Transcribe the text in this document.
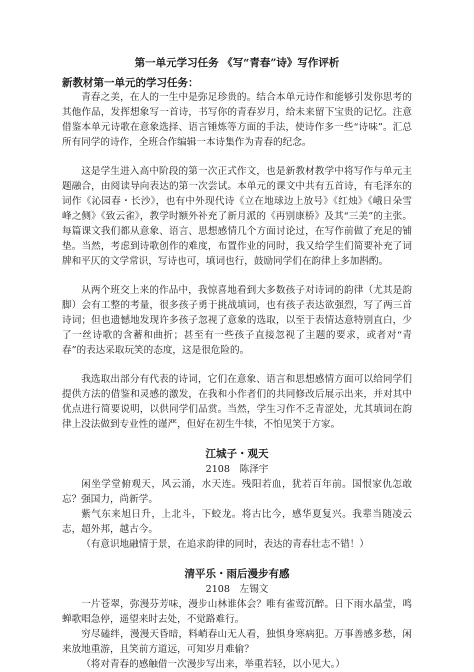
第一单元学习任务 《写“青春”诗》写作评析
新教材第一单元的学习任务：

青春之美，在人的一生中是弥足珍贵的。结合本单元诗作和能够引发你思考的其他作品，发挥想象写一首诗，书写你的青春岁月，给未来留下宝贵的记忆。注意借鉴本单元诗歌在意象选择、语言锤炼等方面的手法，使诗作多一些“诗味”。汇总所有同学的诗作，全班合作编辑一本诗集作为青春的纪念。

这是学生进入高中阶段的第一次正式作文，也是新教材教学中将写作与单元主题融合，由阅读导向表达的第一次尝试。本单元的课文中共有五首诗，有毛泽东的词作《沁园春・长沙》，也有中外现代诗《立在地球边上放号》《红烛》《峨日朵雪峰之侧》《致云雀》，教学时额外补充了新月派的《再别康桥》及其“三美”的主张。每篇课文我们都从意象、语言、思想感情几个方面讨论过，在写作前做了充足的铺垫。当然，考虑到诗歌创作的难度，布置作业的同时，我又给学生们简要补充了词牌和平仄的文学常识，写诗也可，填词也行，鼓励同学们在韵律上多加斟酌。

从两个班交上来的作品中，我惊喜地看到大多数孩子对诗词的韵律（尤其是韵脚）会有工整的考量，很多孩子勇于挑战填词，也有孩子表达欲强烈，写了两三首诗词；但也遗憾地发现许多孩子忽视了意象的选取，以至于表情达意特别直白，少了一丝诗歌的含蓄和曲折；甚至有一些孩子直接忽视了主题的要求，或者对“青春”的表达采取玩笑的态度，这是很危险的。

我选取出部分有代表的诗词，它们在意象、语言和思想感情方面可以给同学们提供方法的借鉴和灵感的激发，在我和小作者们的共同修改后展示出来，并对其中优点进行简要说明，以供同学们品赏。当然，学生习作不乏青涩处，尤其填词在韵律上没法做到专业性的谨严，但好在初生牛犊，不怕见笑于方家。

江城子・观天
2108　陈泽宇

闲坐学堂俯观天，风云涌，水天连。残阳若血，犹若百年前。国恨家仇怎敢忘？强国力，尚新学。

紫气东来旭日升，上北斗，下蛟龙。将古比今，感华夏复兴。我辈当随凌云志，超外邦，越古今。

（有意识地融情于景，在追求韵律的同时，表达的青春壮志不错！）

清平乐・雨后漫步有感
2108　左锡文

一片苍翠，弥漫芬芳味，漫步山林谁体会？唯有雀莺沉醉。日下雨水晶莹，鸣蝉歌唱急停，遥望来时去处，不觉路难行。

穷尽磕绊，漫漫天昏暗，料峭春山无人看，独惧身寒病犯。万事善感多愁，闲来放地重游，且笑前方道远，可知岁月难偷？

（将对青春的感触借一次漫步写出来，举重若轻，以小见大。）
